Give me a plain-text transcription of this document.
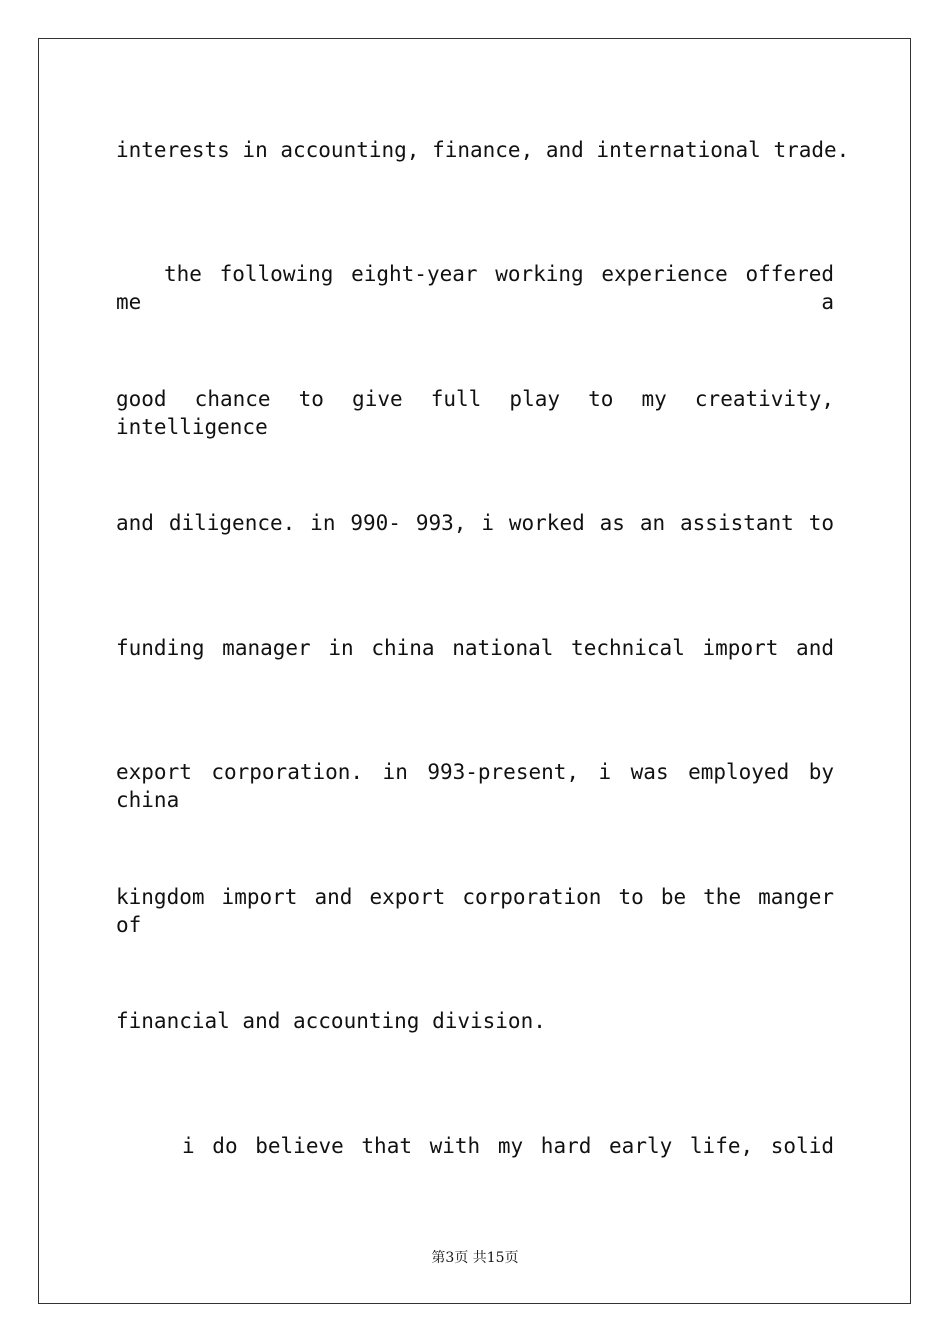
interests in accounting, finance, and international trade.
the following eight-year working experience offered me a
good chance to give full play to my creativity, intelligence
and diligence. in 990- 993, i worked as an assistant to
funding manager in china national technical import and
export corporation. in 993-present, i was employed by china
kingdom import and export corporation to be the manger of
financial and accounting division.
i do believe that with my hard early life, solid
第3页 共15页
